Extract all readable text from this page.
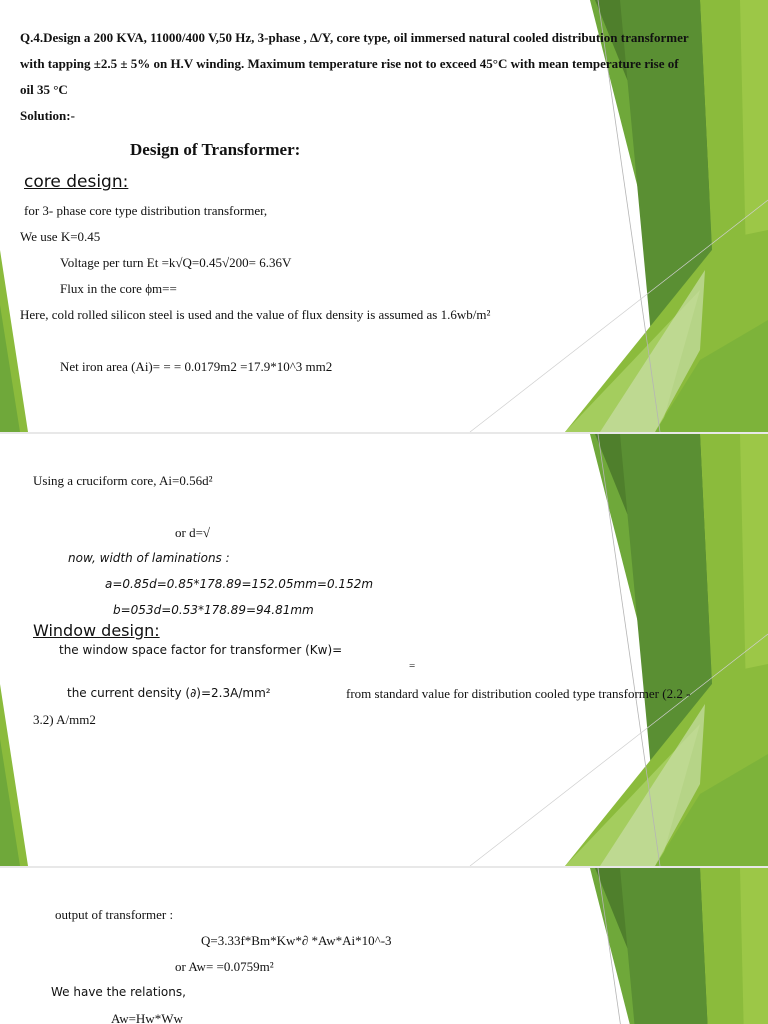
Q.4.Design a 200 KVA, 11000/400 V,50 Hz, 3-phase , Δ/Y, core type, oil immersed natural cooled distribution transformer
with tapping ±2.5 ± 5% on H.V winding. Maximum temperature rise not to exceed 45°C with mean temperature rise of
oil 35 °C
Solution:-
Design of Transformer:
core design:
for 3- phase core type distribution transformer,
We use K=0.45
Voltage per turn Et =k√Q=0.45√200= 6.36V
Flux in the core ϕm==
Here, cold rolled silicon steel is used and the value of flux density is assumed as 1.6wb/m²
Net iron area (Ai)= = = 0.0179m2 =17.9*10^3 mm2
Using a cruciform core, Ai=0.56d²
or d=√
now, width of laminations :
a=0.85d=0.85*178.89=152.05mm=0.152m
b=053d=0.53*178.89=94.81mm
Window design:
the window space factor for transformer (Kw)=
=
the current density (∂)=2.3A/mm²	from standard value for distribution cooled type transformer (2.2 -
3.2) A/mm2
output of transformer :
Q=3.33f*Bm*Kw*∂ *Aw*Ai*10^-3
or Aw= =0.0759m²
We have the relations,
Aw=Hw*Ww
